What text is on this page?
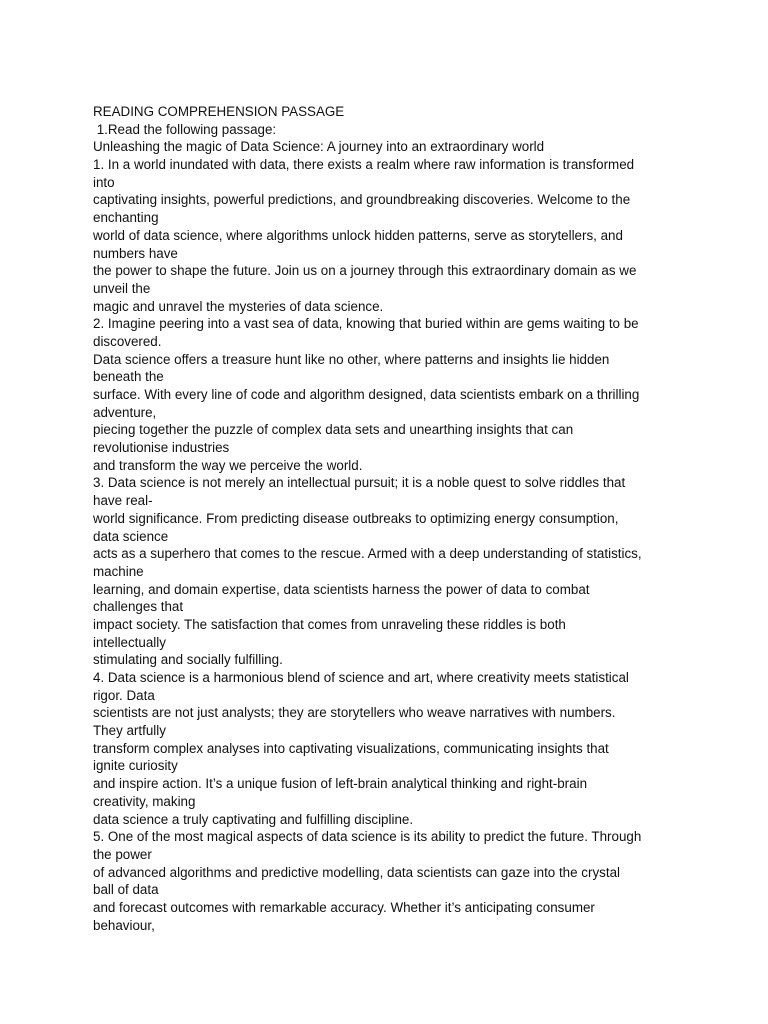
READING COMPREHENSION PASSAGE
1.Read the following passage:
Unleashing the magic of Data Science: A journey into an extraordinary world
1. In a world inundated with data, there exists a realm where raw information is transformed
into
captivating insights, powerful predictions, and groundbreaking discoveries. Welcome to the
enchanting
world of data science, where algorithms unlock hidden patterns, serve as storytellers, and
numbers have
the power to shape the future. Join us on a journey through this extraordinary domain as we
unveil the
magic and unravel the mysteries of data science.
2. Imagine peering into a vast sea of data, knowing that buried within are gems waiting to be
discovered.
Data science offers a treasure hunt like no other, where patterns and insights lie hidden
beneath the
surface. With every line of code and algorithm designed, data scientists embark on a thrilling
adventure,
piecing together the puzzle of complex data sets and unearthing insights that can
revolutionise industries
and transform the way we perceive the world.
3. Data science is not merely an intellectual pursuit; it is a noble quest to solve riddles that
have real-
world significance. From predicting disease outbreaks to optimizing energy consumption,
data science
acts as a superhero that comes to the rescue. Armed with a deep understanding of statistics,
machine
learning, and domain expertise, data scientists harness the power of data to combat
challenges that
impact society. The satisfaction that comes from unraveling these riddles is both
intellectually
stimulating and socially fulfilling.
4. Data science is a harmonious blend of science and art, where creativity meets statistical
rigor. Data
scientists are not just analysts; they are storytellers who weave narratives with numbers.
They artfully
transform complex analyses into captivating visualizations, communicating insights that
ignite curiosity
and inspire action. It’s a unique fusion of left-brain analytical thinking and right-brain
creativity, making
data science a truly captivating and fulfilling discipline.
5. One of the most magical aspects of data science is its ability to predict the future. Through
the power
of advanced algorithms and predictive modelling, data scientists can gaze into the crystal
ball of data
and forecast outcomes with remarkable accuracy. Whether it’s anticipating consumer
behaviour,
